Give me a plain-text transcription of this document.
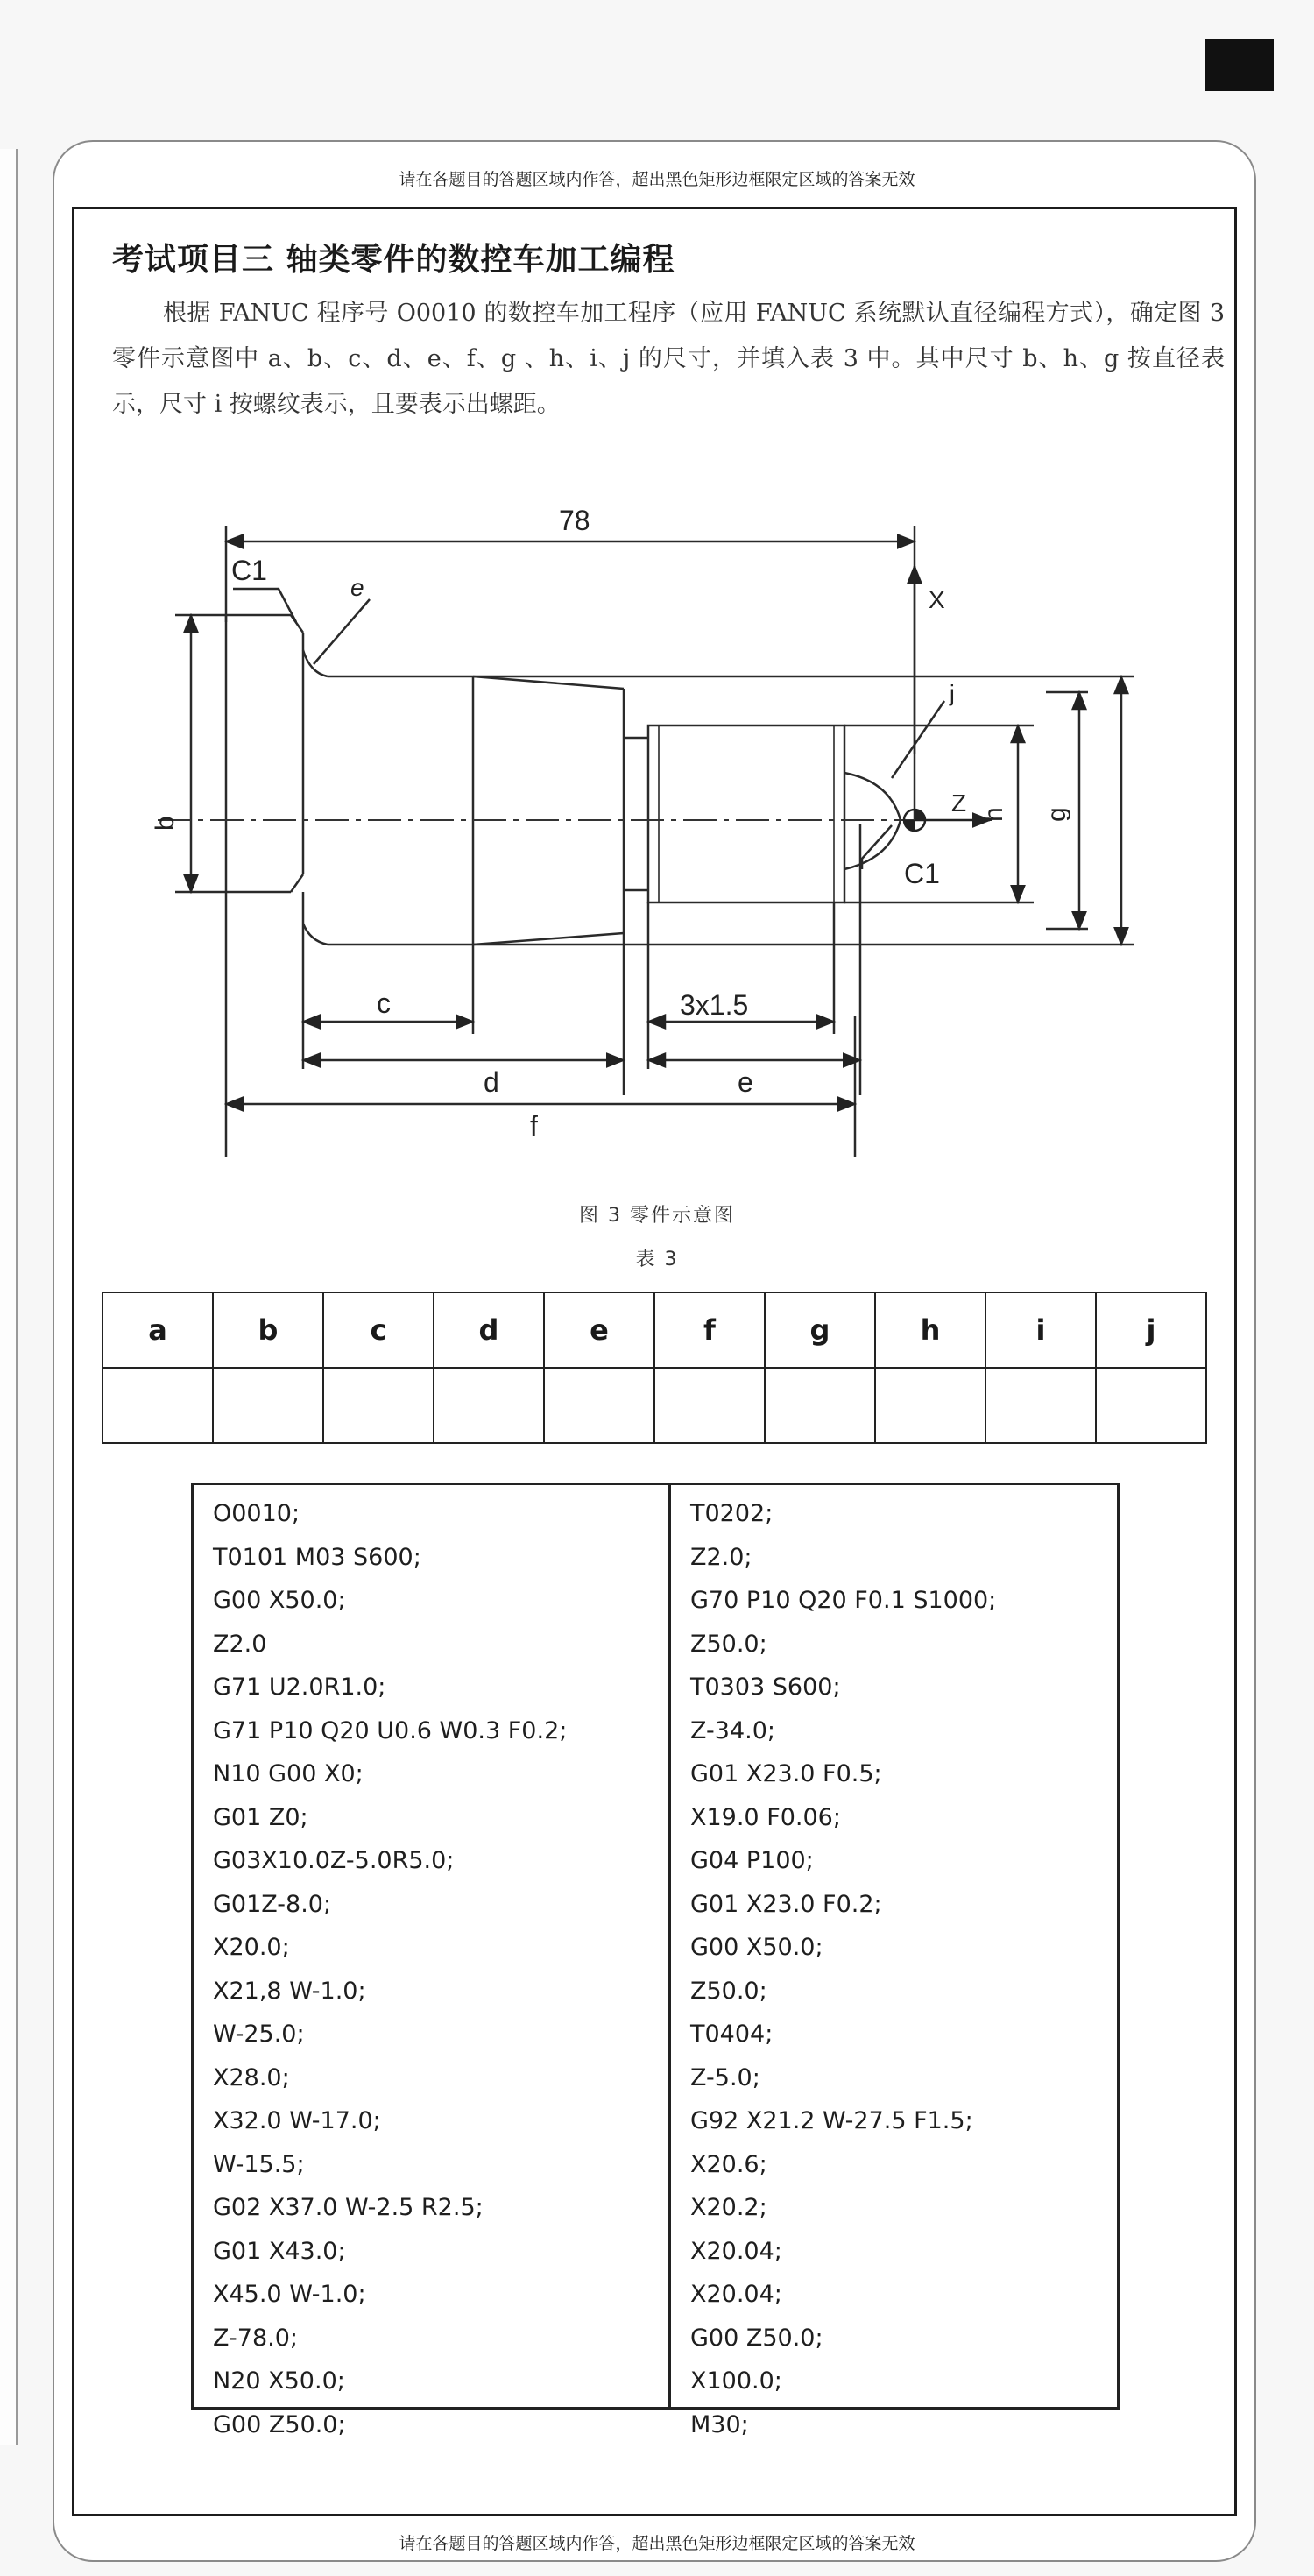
请在各题目的答题区域内作答，超出黑色矩形边框限定区域的答案无效
考试项目三 轴类零件的数控车加工编程
根据 FANUC 程序号 O0010 的数控车加工程序（应用 FANUC 系统默认直径编程方式），确定图 3 零件示意图中 a、b、c、d、e、f、g 、h、i、j 的尺寸，并填入表 3 中。其中尺寸 b、h、g 按直径表示，尺寸 i 按螺纹表示，且要表示出螺距。
78
C1
e	X
Z
C1
j
b
h g
c	3x1.5
d	e
f
图 3 零件示意图
表 3
a	b	c	d	e	f	g	h	i	j

O0010;
T0101 M03 S600;
G00 X50.0;
Z2.0
G71 U2.0R1.0;
G71 P10 Q20 U0.6 W0.3 F0.2;
N10 G00 X0;
G01 Z0;
G03X10.0Z-5.0R5.0;
G01Z-8.0;
X20.0;
X21,8 W-1.0;
W-25.0;
X28.0;
X32.0 W-17.0;
W-15.5;
G02 X37.0 W-2.5 R2.5;
G01 X43.0;
X45.0 W-1.0;
Z-78.0;
N20 X50.0;
G00 Z50.0;
T0202;
Z2.0;
G70 P10 Q20 F0.1 S1000;
Z50.0;
T0303 S600;
Z-34.0;
G01 X23.0 F0.5;
X19.0 F0.06;
G04 P100;
G01 X23.0 F0.2;
G00 X50.0;
Z50.0;
T0404;
Z-5.0;
G92 X21.2 W-27.5 F1.5;
X20.6;
X20.2;
X20.04;
X20.04;
G00 Z50.0;
X100.0;
M30;
请在各题目的答题区域内作答，超出黑色矩形边框限定区域的答案无效
